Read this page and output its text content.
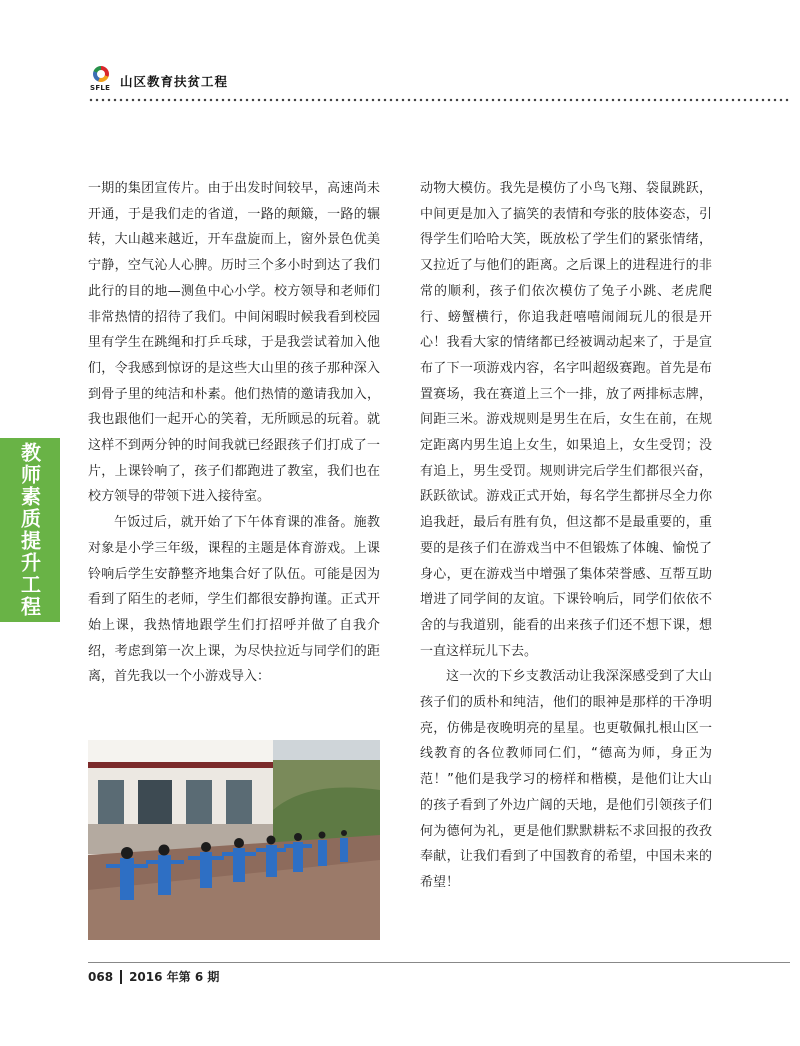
SFLE 山区教育扶贫工程
教师素质提升工程

一期的集团宣传片。由于出发时间较早，高速尚未开通，于是我们走的省道，一路的颠簸，一路的辗转，大山越来越近，开车盘旋而上，窗外景色优美宁静，空气沁人心脾。历时三个多小时到达了我们此行的目的地—测鱼中心小学。校方领导和老师们非常热情的招待了我们。中间闲暇时候我看到校园里有学生在跳绳和打乒乓球，于是我尝试着加入他们，令我感到惊讶的是这些大山里的孩子那种深入到骨子里的纯洁和朴素。他们热情的邀请我加入，我也跟他们一起开心的笑着，无所顾忌的玩着。就这样不到两分钟的时间我就已经跟孩子们打成了一片，上课铃响了，孩子们都跑进了教室，我们也在校方领导的带领下进入接待室。

午饭过后，就开始了下午体育课的准备。施教对象是小学三年级，课程的主题是体育游戏。上课铃响后学生安静整齐地集合好了队伍。可能是因为看到了陌生的老师，学生们都很安静拘谨。正式开始上课，我热情地跟学生们打招呼并做了自我介绍，考虑到第一次上课，为尽快拉近与同学们的距离，首先我以一个小游戏导入：

动物大模仿。我先是模仿了小鸟飞翔、袋鼠跳跃，中间更是加入了搞笑的表情和夸张的肢体姿态，引得学生们哈哈大笑，既放松了学生们的紧张情绪，又拉近了与他们的距离。之后课上的进程进行的非常的顺利，孩子们依次模仿了兔子小跳、老虎爬行、螃蟹横行，你追我赶嘻嘻闹闹玩儿的很是开心！我看大家的情绪都已经被调动起来了，于是宣布了下一项游戏内容，名字叫超级赛跑。首先是布置赛场，我在赛道上三个一排，放了两排标志牌，间距三米。游戏规则是男生在后，女生在前，在规定距离内男生追上女生，如果追上，女生受罚；没有追上，男生受罚。规则讲完后学生们都很兴奋，跃跃欲试。游戏正式开始，每名学生都拼尽全力你追我赶，最后有胜有负，但这都不是最重要的，重要的是孩子们在游戏当中不但锻炼了体魄、愉悦了身心，更在游戏当中增强了集体荣誉感、互帮互助增进了同学间的友谊。下课铃响后，同学们依依不舍的与我道别，能看的出来孩子们还不想下课，想一直这样玩儿下去。

这一次的下乡支教活动让我深深感受到了大山孩子们的质朴和纯洁，他们的眼神是那样的干净明亮，仿佛是夜晚明亮的星星。也更敬佩扎根山区一线教育的各位教师同仁们，“德高为师，身正为范！”他们是我学习的榜样和楷模，是他们让大山的孩子看到了外边广阔的天地，是他们引领孩子们何为德何为礼，更是他们默默耕耘不求回报的孜孜奉献，让我们看到了中国教育的希望，中国未来的希望！

068 2016 年第 6 期
